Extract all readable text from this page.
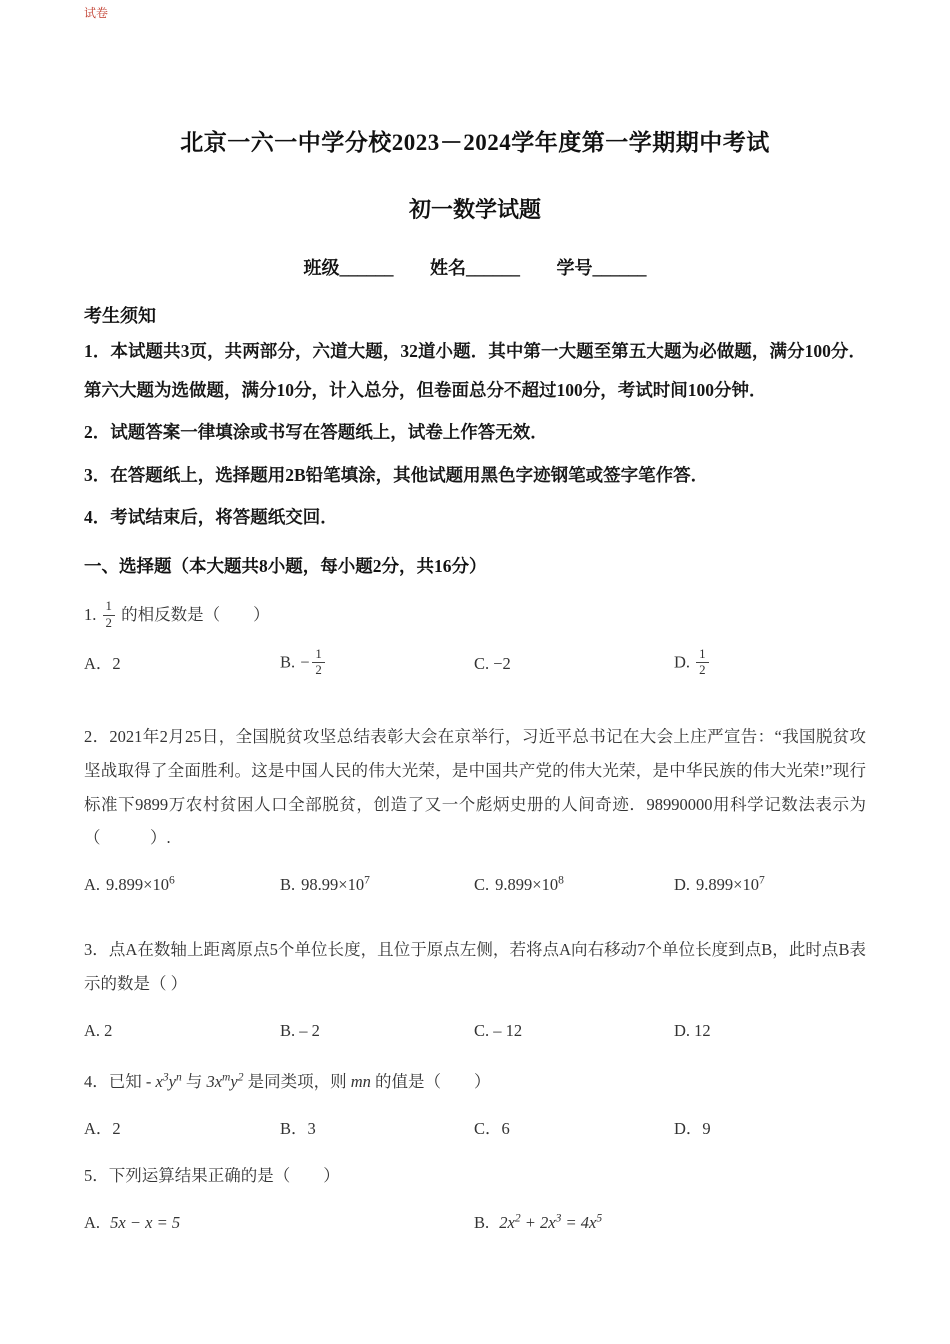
试卷
北京一六一中学分校2023－2024学年度第一学期期中考试
初一数学试题
班级______ 姓名______ 学号______
考生须知

1．本试题共3页，共两部分，六道大题，32道小题．其中第一大题至第五大题为必做题，满分100分．第六大题为选做题，满分10分，计入总分，但卷面总分不超过100分，考试时间100分钟．

2．试题答案一律填涂或书写在答题纸上，试卷上作答无效．

3．在答题纸上，选择题用2B铅笔填涂，其他试题用黑色字迹钢笔或签字笔作答．

4．考试结束后，将答题纸交回．

一、选择题（本大题共8小题，每小题2分，共16分）
1. $\frac{1}{2}$ 的相反数是（　　）
A．2	B. − $\frac{1}{2}$	C. −2	D. $\frac{1}{2}$
2．2021年2月25日，全国脱贫攻坚总结表彰大会在京举行，习近平总书记在大会上庄严宣告：“我国脱贫攻坚战取得了全面胜利。这是中国人民的伟大光荣，是中国共产党的伟大光荣，是中华民族的伟大光荣!”现行标准下9899万农村贫困人口全部脱贫，创造了又一个彪炳史册的人间奇迹．98990000用科学记数法表示为（　　　）.
A. $9.899\times 10^6$	B. $98.99\times 10^7$	C. $9.899\times 10^8$	D. $9.899\times 10^7$
3．点A在数轴上距离原点5个单位长度，且位于原点左侧，若将点A向右移动7个单位长度到点B，此时点B表示的数是（ ）
A. 2	B. – 2	C. – 12	D. 12
4．已知 - $x^3y^n$ 与 $3x^my^2$ 是同类项，则 mn 的值是（　　）
A．2	B．3	C．6	D．9
5．下列运算结果正确的是（　　）
A. 5x − x = 5	B. $2x^2 + 2x^3 = 4x^5$
